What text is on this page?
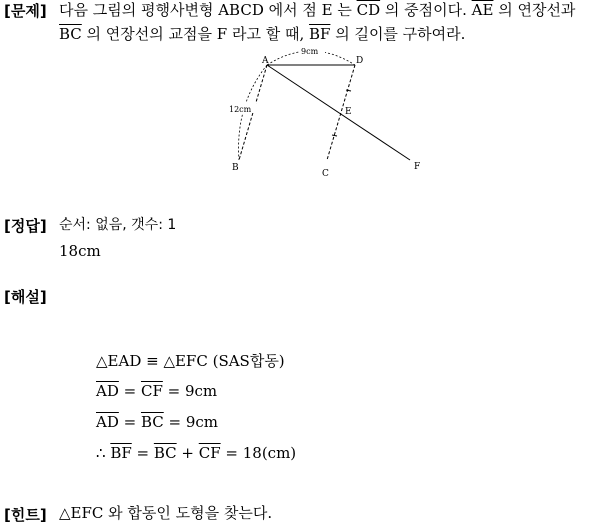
[문제] 다음 그림의 평행사변형 ABCD 에서 점 E 는 $\overline{CD}$ 의 중점이다. $\overline{AE}$ 의 연장선과
$\overline{BC}$ 의 연장선의 교점을 F 라고 할 때, $\overline{BF}$ 의 길이를 구하여라.
A	D
E
B
C
F
9cm
12cm
[정답] 순서: 없음, 갯수: 1
18cm
[해설]
△EAD ≡ △EFC (SAS합동)
$\overline{AD} = \overline{CF} = 9cm$
$\overline{AD} = \overline{BC} = 9cm$
∴ $\overline{BF} = \overline{BC} + \overline{CF} = 18(cm)$
[힌트] △EFC 와 합동인 도형을 찾는다.
